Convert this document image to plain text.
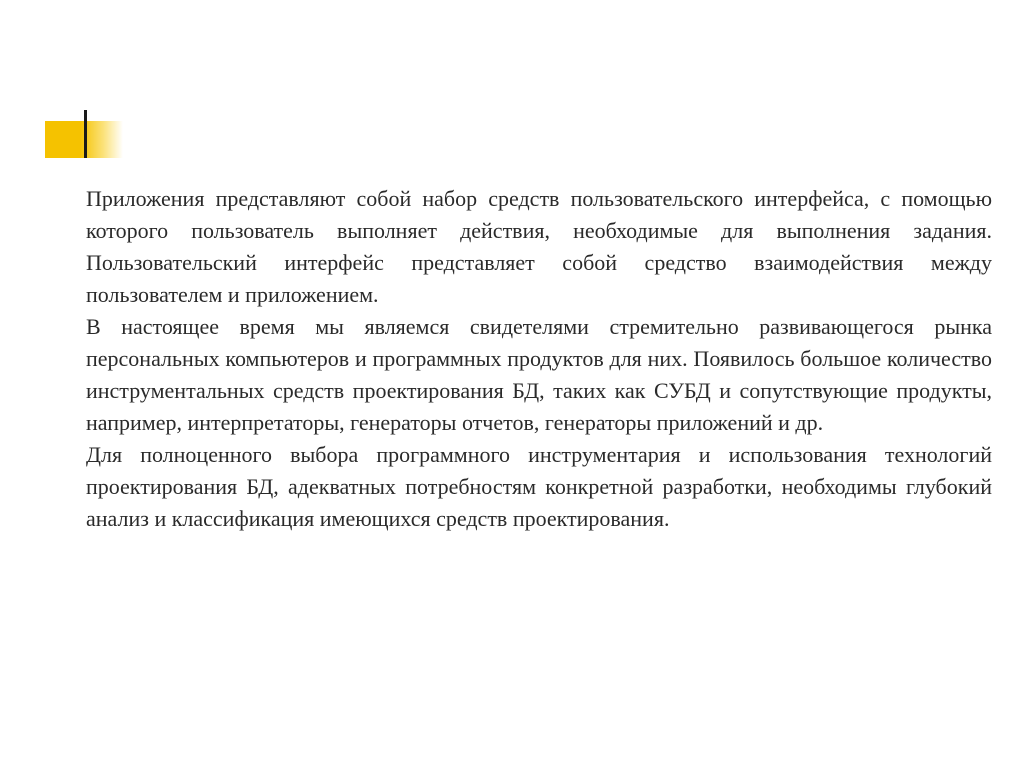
Приложения представляют собой набор средств пользовательского интерфейса, с помощью которого пользователь выполняет действия, необходимые для выполнения задания. Пользовательский интерфейс представляет собой средство взаимодействия между пользователем и приложением.

В настоящее время мы являемся свидетелями стремительно развивающегося рынка персональных компьютеров и программных продуктов для них. Появилось большое количество инструментальных средств проектирования БД, таких как СУБД и сопутствующие продукты, например, интерпретаторы, генераторы отчетов, генераторы приложений и др.

Для полноценного выбора программного инструментария и использования технологий проектирования БД, адекватных потребностям конкретной разработки, необходимы глубокий анализ и классификация имеющихся средств проектирования.
